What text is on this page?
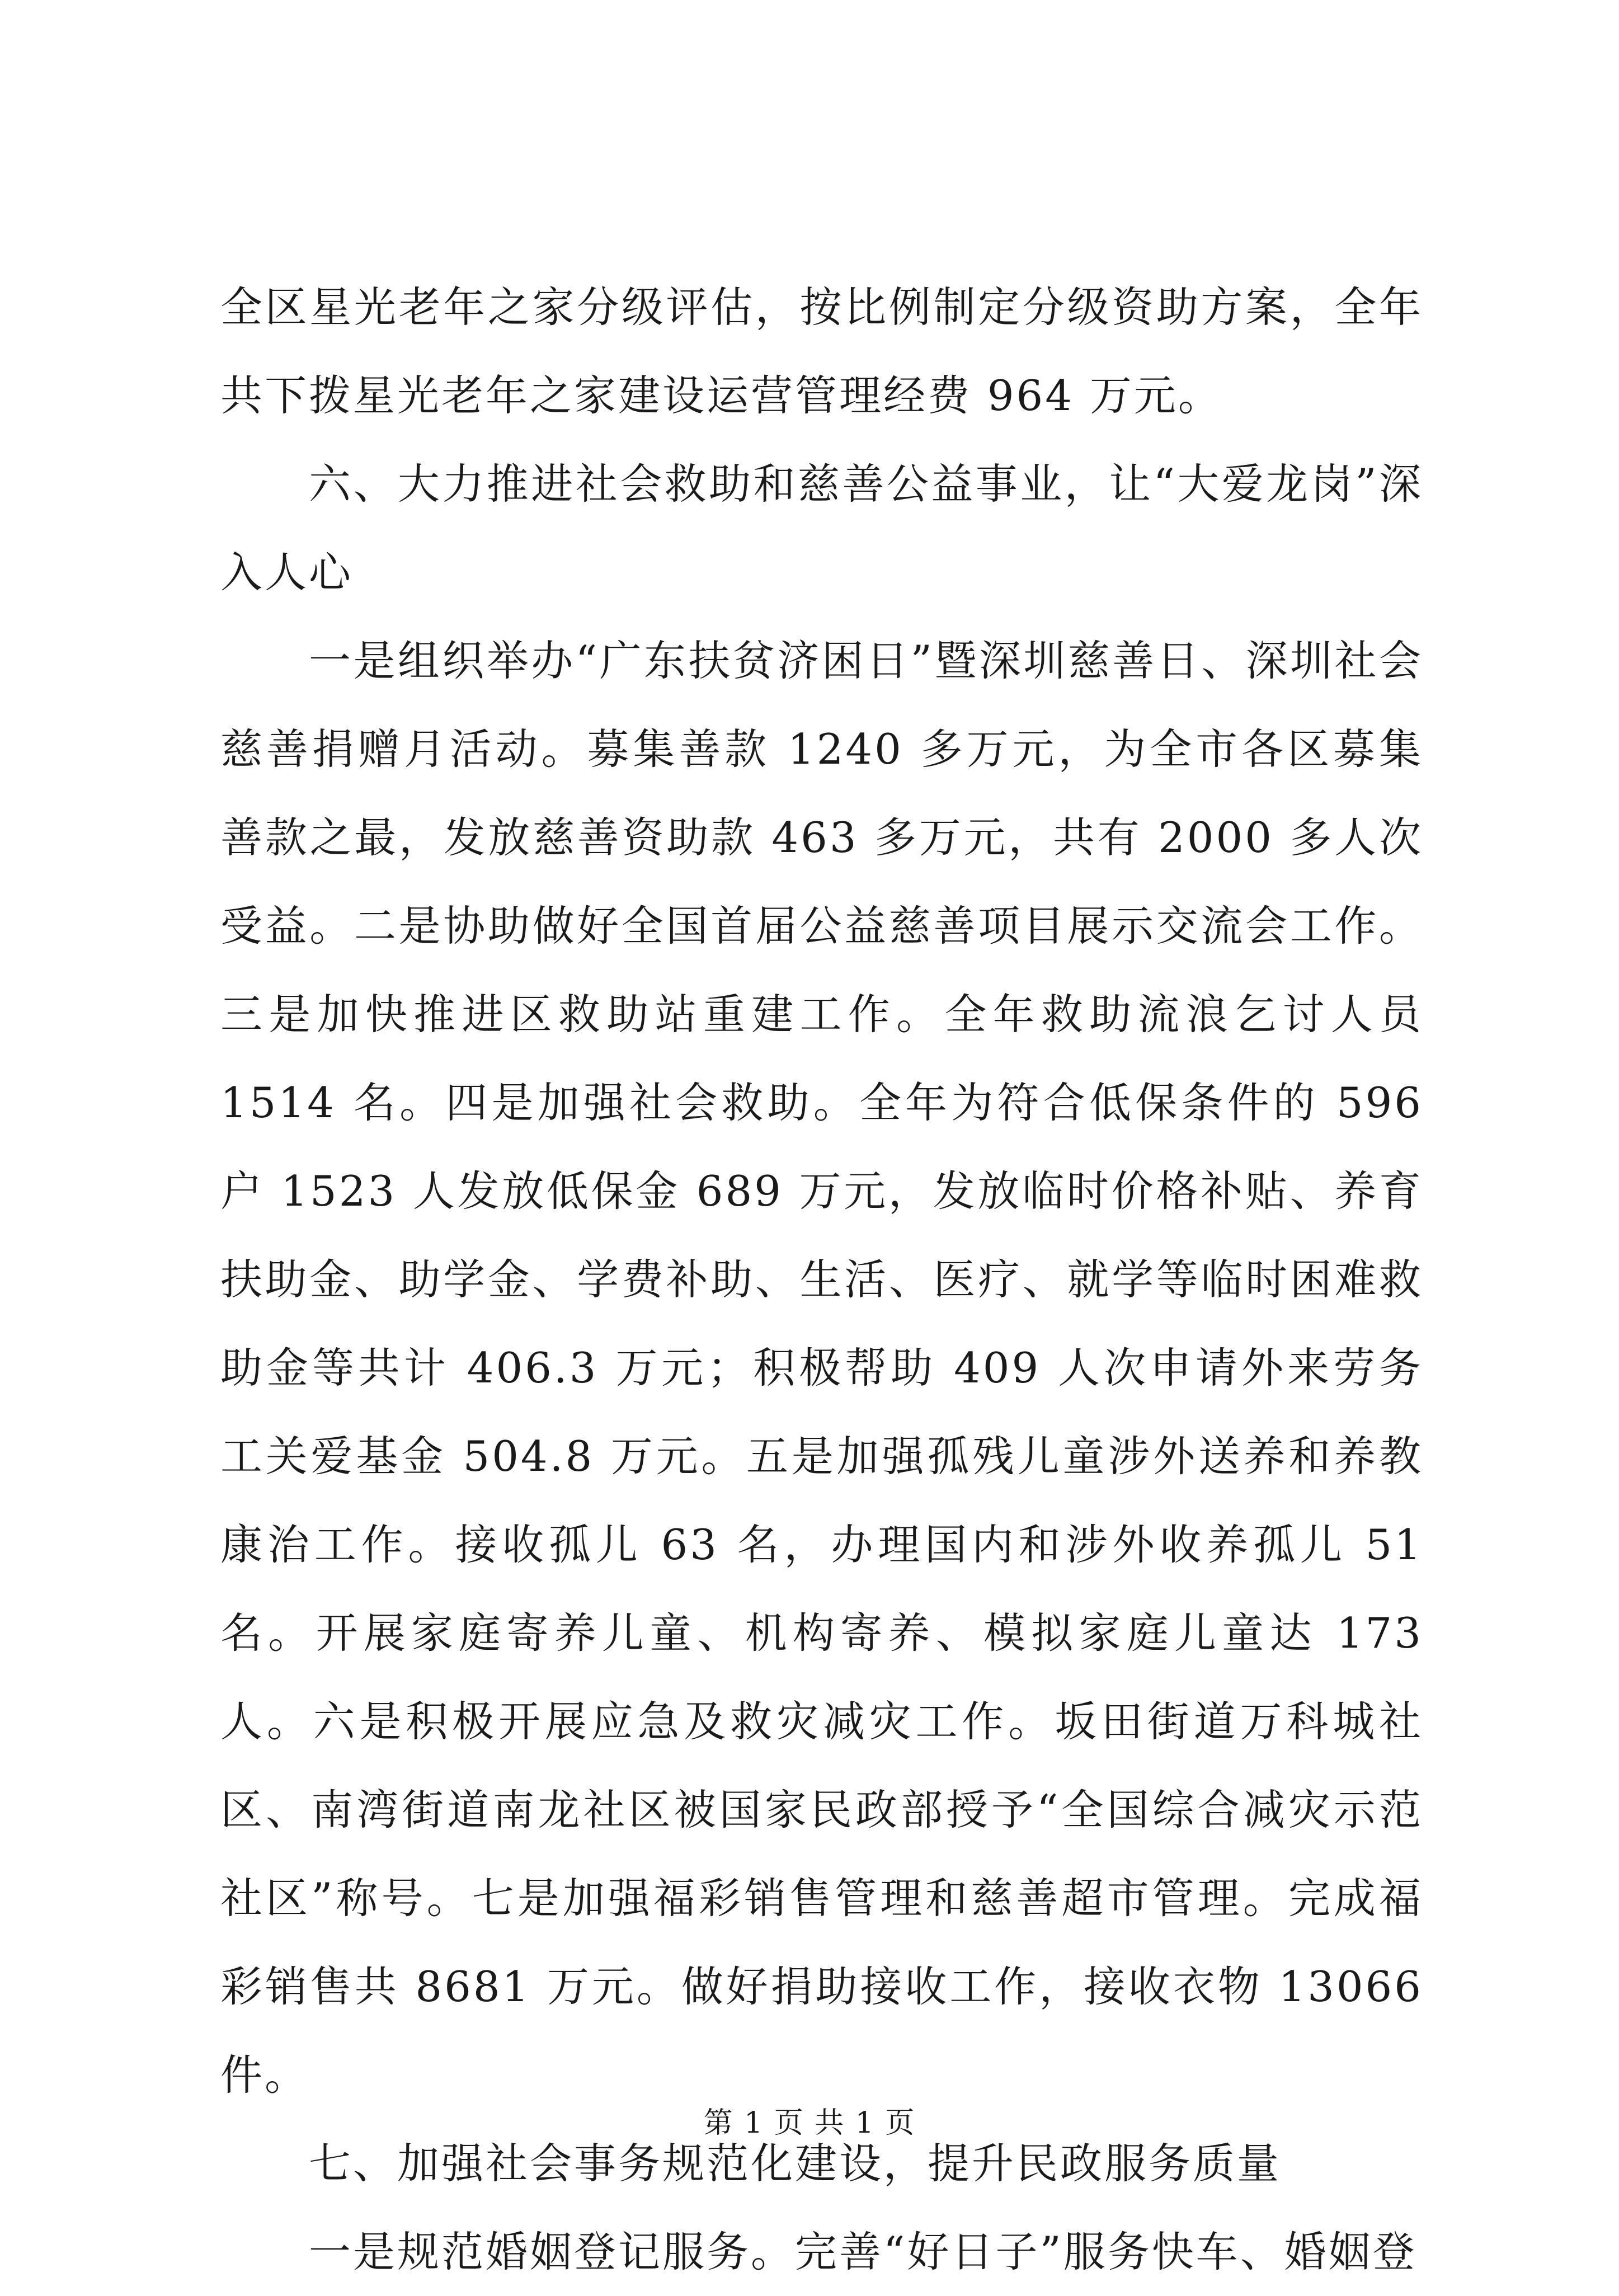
全区星光老年之家分级评估，按比例制定分级资助方案，全年共下拨星光老年之家建设运营管理经费 964 万元。

六、大力推进社会救助和慈善公益事业，让“大爱龙岗”深入人心

一是组织举办“广东扶贫济困日”暨深圳慈善日、深圳社会慈善捐赠月活动。募集善款 1240 多万元，为全市各区募集善款之最，发放慈善资助款 463 多万元，共有 2000 多人次受益。二是协助做好全国首届公益慈善项目展示交流会工作。三是加快推进区救助站重建工作。全年救助流浪乞讨人员 1514 名。四是加强社会救助。全年为符合低保条件的 596 户 1523 人发放低保金 689 万元，发放临时价格补贴、养育扶助金、助学金、学费补助、生活、医疗、就学等临时困难救助金等共计 406.3 万元；积极帮助 409 人次申请外来劳务工关爱基金 504.8 万元。五是加强孤残儿童涉外送养和养教康治工作。接收孤儿 63 名，办理国内和涉外收养孤儿 51 名。开展家庭寄养儿童、机构寄养、模拟家庭儿童达 173 人。六是积极开展应急及救灾减灾工作。坂田街道万科城社区、南湾街道南龙社区被国家民政部授予“全国综合减灾示范社区”称号。七是加强福彩销售管理和慈善超市管理。完成福彩销售共 8681 万元。做好捐助接收工作，接收衣物 13066 件。

七、加强社会事务规范化建设，提升民政服务质量

一是规范婚姻登记服务。完善“好日子”服务快车、婚姻登

第 1 页 共 1 页
